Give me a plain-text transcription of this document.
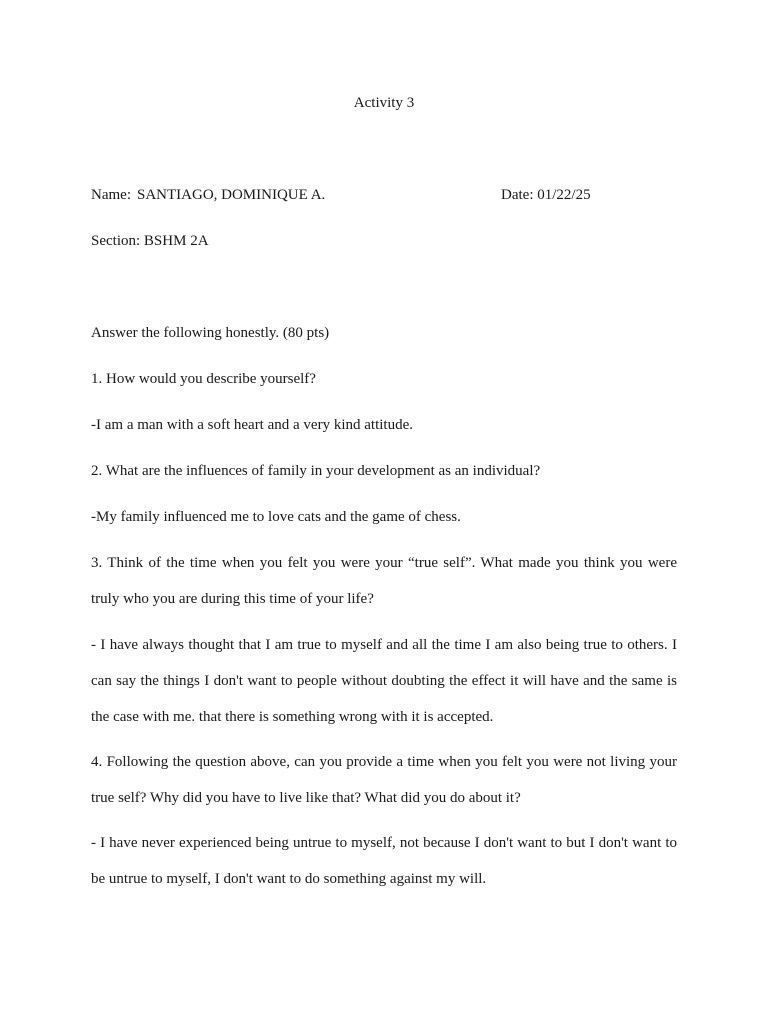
Activity 3
Name: SANTIAGO, DOMINIQUE A.	Date: 01/22/25
Section: BSHM 2A
Answer the following honestly. (80 pts)
1. How would you describe yourself?
-I am a man with a soft heart and a very kind attitude.
2. What are the influences of family in your development as an individual?
-My family influenced me to love cats and the game of chess.
3. Think of the time when you felt you were your “true self”. What made you think you were truly who you are during this time of your life?
- I have always thought that I am true to myself and all the time I am also being true to others. I can say the things I don't want to people without doubting the effect it will have and the same is the case with me. that there is something wrong with it is accepted.
4. Following the question above, can you provide a time when you felt you were not living your true self? Why did you have to live like that? What did you do about it?
- I have never experienced being untrue to myself, not because I don't want to but I don't want to be untrue to myself, I don't want to do something against my will.
